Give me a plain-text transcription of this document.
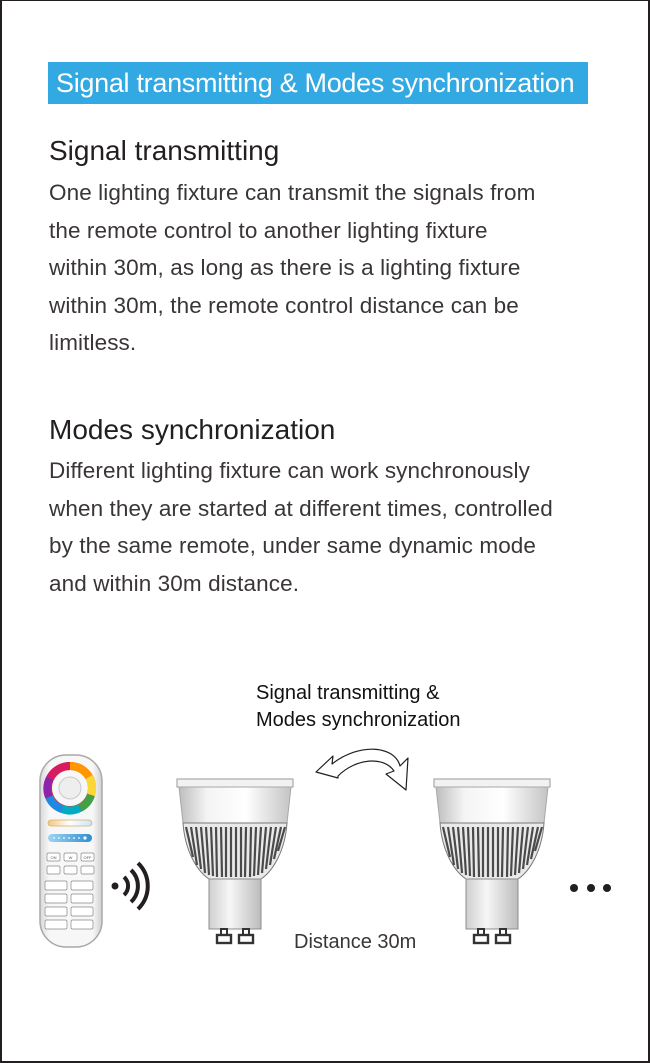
Signal transmitting & Modes synchronization
Signal transmitting
One lighting fixture can transmit the signals from
the remote control to another lighting fixture
within 30m, as long as there is a lighting fixture
within 30m, the remote control distance can be
limitless.
Modes synchronization
Different lighting fixture can work synchronously
when they are started at different times, controlled
by the same remote, under same dynamic mode
and within 30m distance.
Signal transmitting &
Modes synchronization
ON	W	OFF
Distance 30m
